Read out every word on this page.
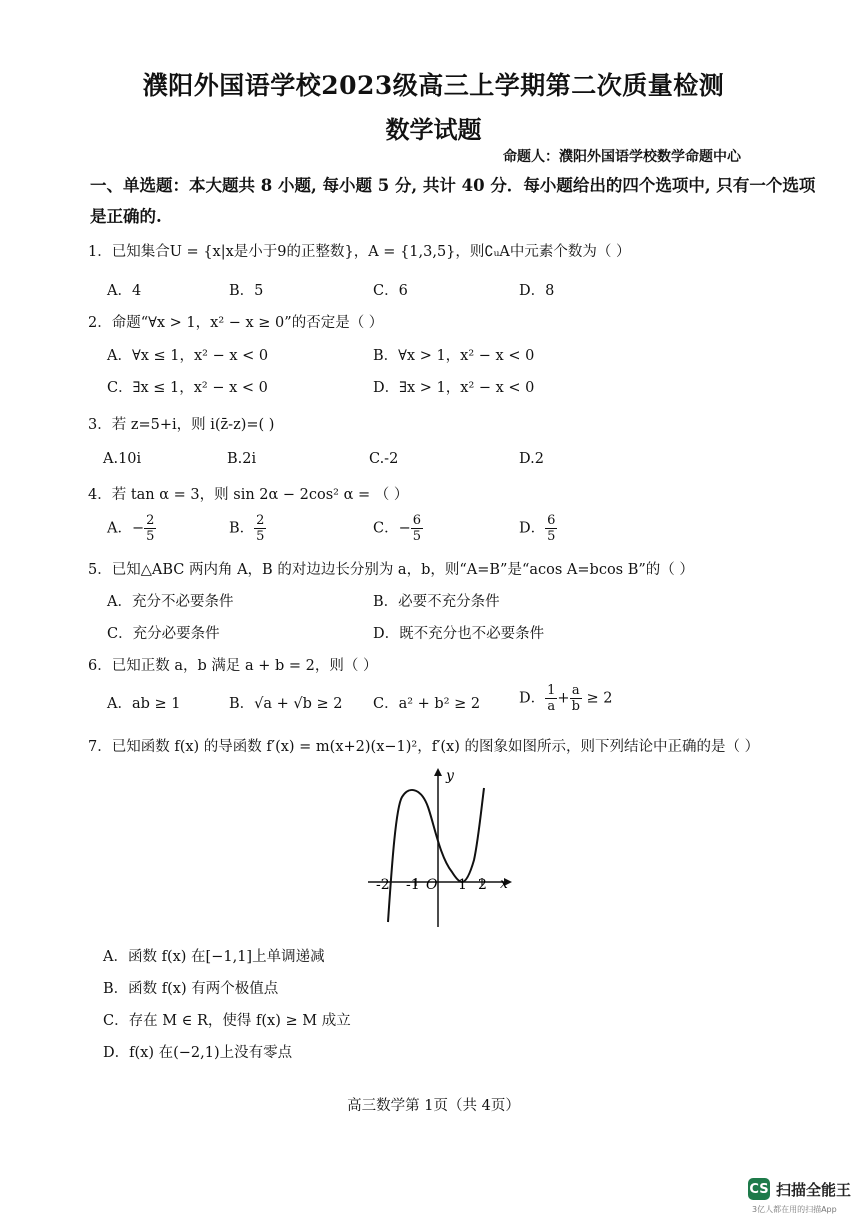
濮阳外国语学校2023级高三上学期第二次质量检测
数学试题
命题人：濮阳外国语学校数学命题中心
一、单选题：本大题共 8 小题, 每小题 5 分, 共计 40 分．每小题给出的四个选项中, 只有一个选项
是正确的.
1．已知集合U = {x|x是小于9的正整数}，A = {1,3,5}，则∁ᵤA中元素个数为（ ）
A．4	B．5	C．6	D．8
2．命题“∀x > 1，x² − x ≥ 0”的否定是（ ）
A．∀x ≤ 1，x² − x < 0	B．∀x > 1，x² − x < 0
C．∃x ≤ 1，x² − x < 0	D．∃x > 1，x² − x < 0
3．若 z=5+i，则 i(z̄-z)=( )
A.10i	B.2i	C.-2	D.2
4．若 tan α = 3，则 sin 2α − 2cos² α = （ ）
A．− $\frac{2}{5}$	B． $\frac{2}{5}$	C．− $\frac{6}{5}$	D． $\frac{6}{5}$
5．已知△ABC 两内角 A，B 的对边边长分别为 a，b，则“A=B”是“acos A=bcos B”的（ ）
A．充分不必要条件	B．必要不充分条件
C．充分必要条件	D．既不充分也不必要条件
6．已知正数 a，b 满足 a + b = 2，则（ ）
A．ab ≥ 1	B．√a + √b ≥ 2 C．a² + b² ≥ 2	D． $\frac{1}{a} + \frac{a}{b} \ge 2$
7．已知函数 f(x) 的导函数 f′(x) = m(x+2)(x−1)²，f′(x) 的图象如图所示，则下列结论中正确的是（ ）
y
x
O
-2 -1	1 2
A．函数 f(x) 在[−1,1]上单调递减
B．函数 f(x) 有两个极值点
C．存在 M ∈ R，使得 f(x) ≥ M 成立
D．f(x) 在(−2,1)上没有零点
高三数学第 1页（共 4页）
CS 扫描全能王
3亿人都在用的扫描App
